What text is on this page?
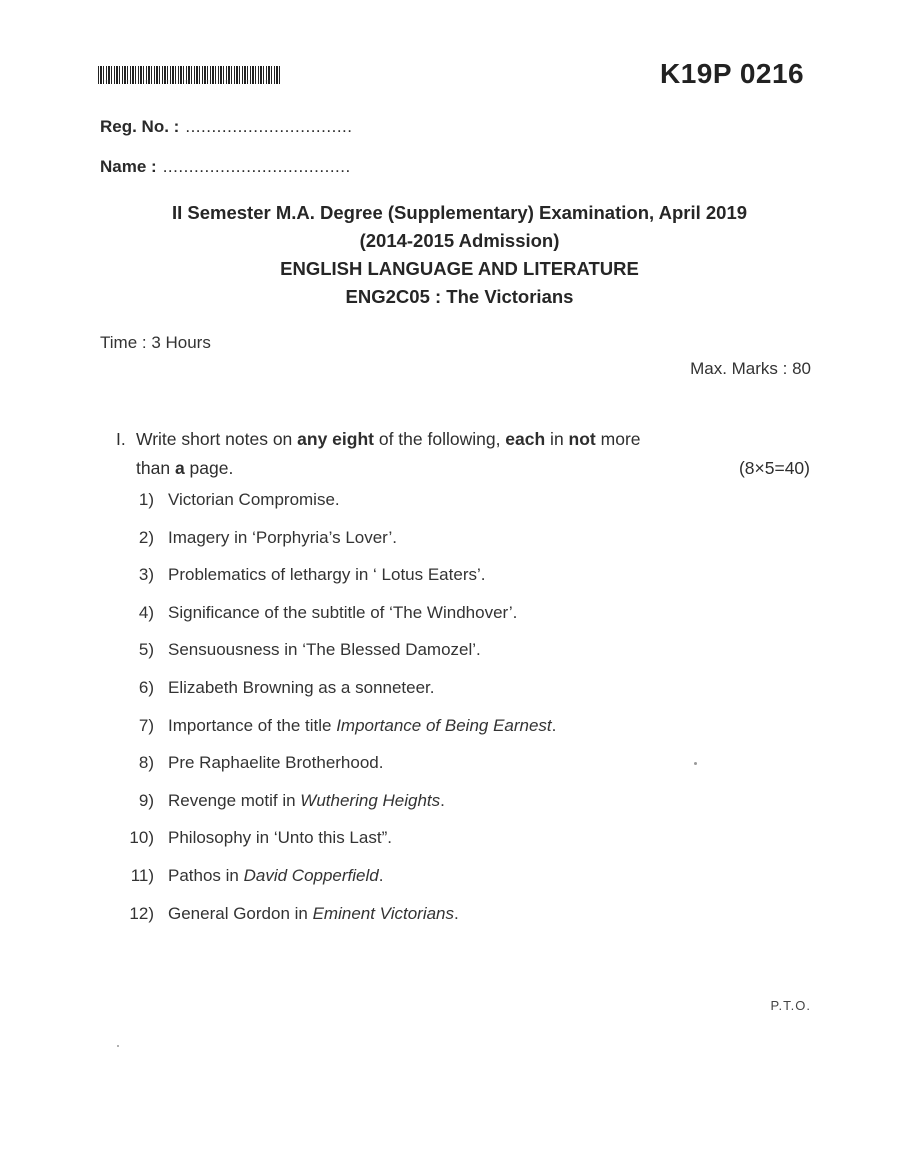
K19P 0216
Reg. No. : ................................
Name : ....................................
II Semester M.A. Degree (Supplementary) Examination, April 2019
(2014-2015 Admission)
ENGLISH LANGUAGE AND LITERATURE
ENG2C05 : The Victorians
Time : 3 Hours
Max. Marks : 80
I. Write short notes on any eight of the following, each in not more
than a page.	(8×5=40)
1) Victorian Compromise.
2) Imagery in ‘Porphyria’s Lover’.
3) Problematics of lethargy in ‘ Lotus Eaters’.
4) Significance of the subtitle of ‘The Windhover’.
5) Sensuousness in ‘The Blessed Damozel’.
6) Elizabeth Browning as a sonneteer.
7) Importance of the title Importance of Being Earnest.
8) Pre Raphaelite Brotherhood.
9) Revenge motif in Wuthering Heights.
10) Philosophy in ‘Unto this Last”.
11) Pathos in David Copperfield.
12) General Gordon in Eminent Victorians.
P.T.O.
